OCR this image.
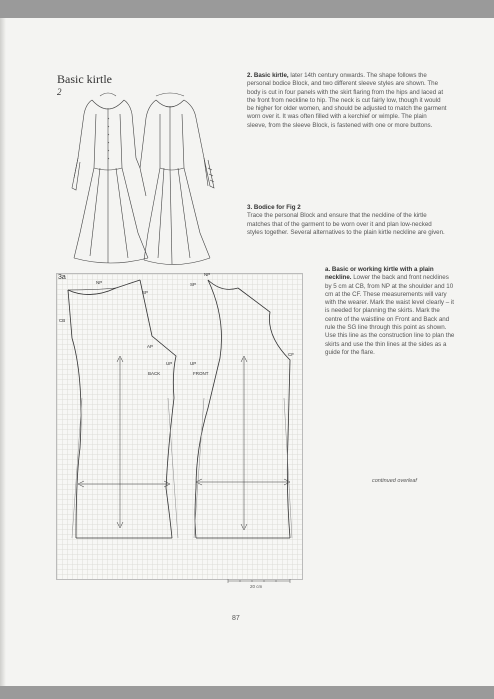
Basic kirtle
2
2. Basic kirtle, later 14th century onwards. The shape follows the personal bodice Block, and two different sleeve styles are shown. The body is cut in four panels with the skirt flaring from the hips and laced at the front from neckline to hip. The neck is cut fairly low, though it would be higher for older women, and should be adjusted to match the garment worn over it. It was often filled with a kerchief or wimple. The plain sleeve, from the sleeve Block, is fastened with one or more buttons.
3. Bodice for Fig 2
Trace the personal Block and ensure that the neckline of the kirtle matches that of the garment to be worn over it and plan low-necked styles together. Several alternatives to the plain kirtle neckline are given.
a. Basic or working kirtle with a plain neckline. Lower the back and front necklines by 5 cm at CB, from NP at the shoulder and 10 cm at the CF. These measurements will vary with the wearer. Mark the waist level clearly – it is needed for planning the skirts. Mark the centre of the waistline on Front and Back and rule the SG line through this point as shown. Use this line as the construction line to plan the skirts and use the thin lines at the sides as a guide for the flare.
continued overleaf
3a
NP
SP
CB
AP
UP
BACK
NP
SP
UP
FRONT
CF
20 cm
87
